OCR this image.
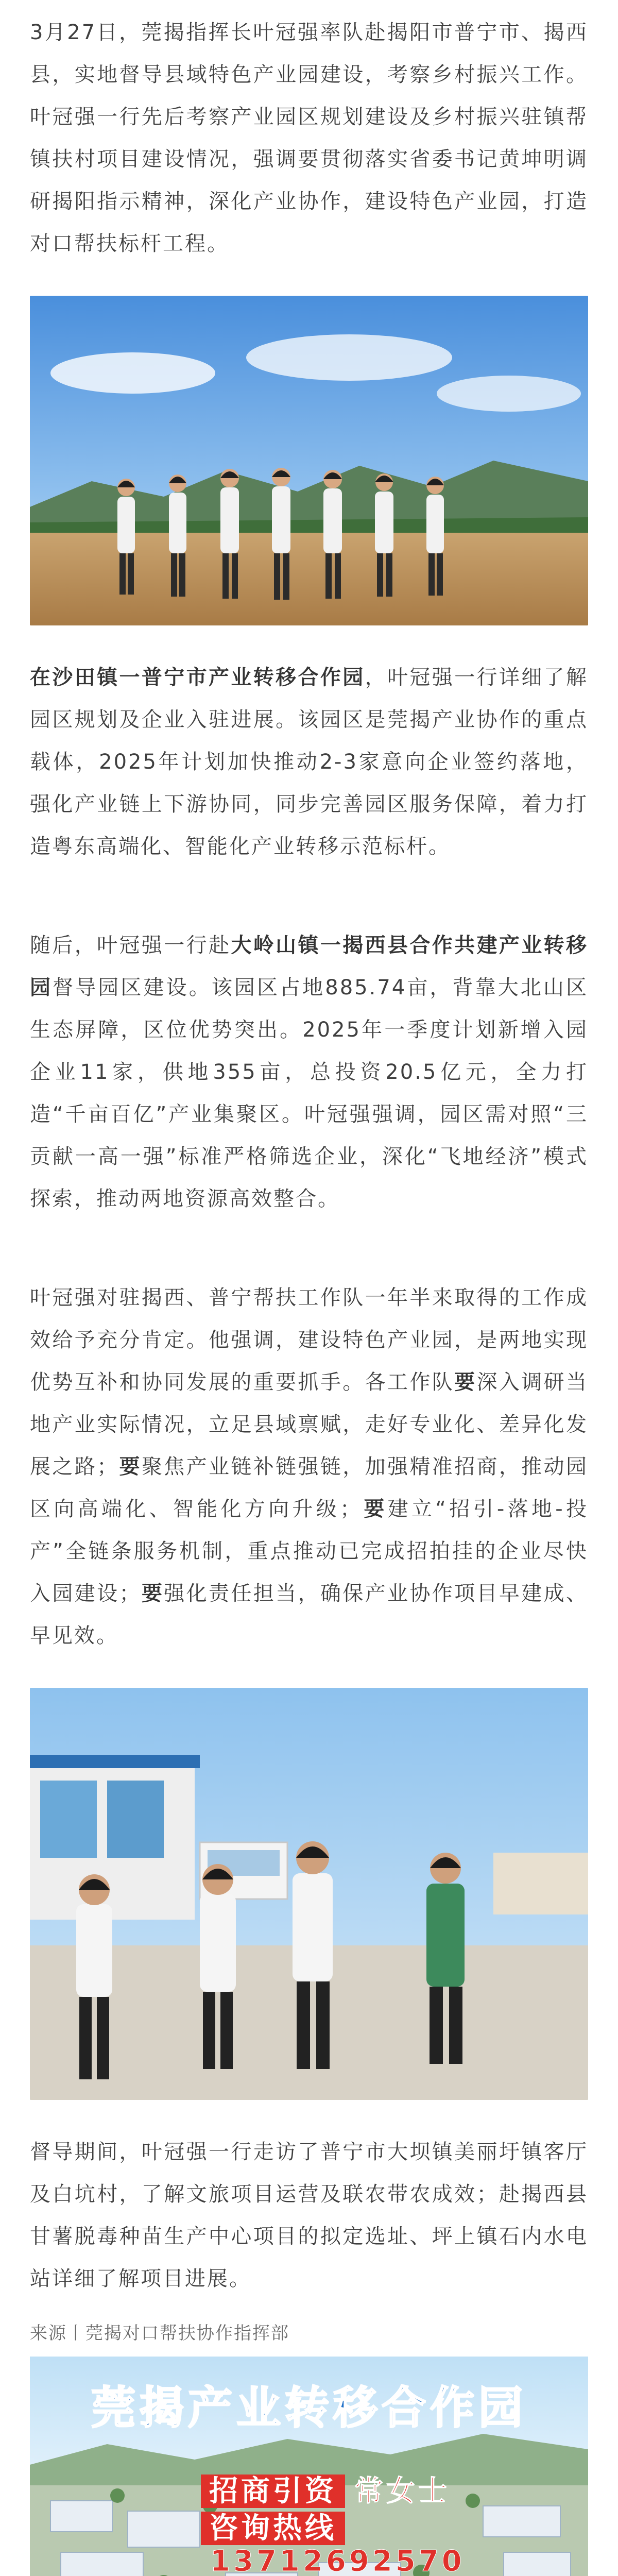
3月27日，莞揭指挥长叶冠强率队赴揭阳市普宁市、揭西县，实地督导县域特色产业园建设，考察乡村振兴工作。叶冠强一行先后考察产业园区规划建设及乡村振兴驻镇帮镇扶村项目建设情况，强调要贯彻落实省委书记黄坤明调研揭阳指示精神，深化产业协作，建设特色产业园，打造对口帮扶标杆工程。

在沙田镇一普宁市产业转移合作园，叶冠强一行详细了解园区规划及企业入驻进展。该园区是莞揭产业协作的重点载体，2025年计划加快推动2-3家意向企业签约落地，强化产业链上下游协同，同步完善园区服务保障，着力打造粤东高端化、智能化产业转移示范标杆。

随后，叶冠强一行赴大岭山镇一揭西县合作共建产业转移园督导园区建设。该园区占地885.74亩，背靠大北山区生态屏障，区位优势突出。2025年一季度计划新增入园企业11家，供地355亩，总投资20.5亿元，全力打造“千亩百亿”产业集聚区。叶冠强强调，园区需对照“三贡献一高一强”标准严格筛选企业，深化“飞地经济”模式探索，推动两地资源高效整合。

叶冠强对驻揭西、普宁帮扶工作队一年半来取得的工作成效给予充分肯定。他强调，建设特色产业园，是两地实现优势互补和协同发展的重要抓手。各工作队要深入调研当地产业实际情况，立足县域禀赋，走好专业化、差异化发展之路；要聚焦产业链补链强链，加强精准招商，推动园区向高端化、智能化方向升级；要建立“招引-落地-投产”全链条服务机制，重点推动已完成招拍挂的企业尽快入园建设；要强化责任担当，确保产业协作项目早建成、早见效。

督导期间，叶冠强一行走访了普宁市大坝镇美丽圩镇客厅及白坑村，了解文旅项目运营及联农带农成效；赴揭西县甘薯脱毒种苗生产中心项目的拟定选址、坪上镇石内水电站详细了解项目进展。

来源丨莞揭对口帮扶协作指挥部
莞揭产业转移合作园
招商引资 常女士
咨询热线13712692570
